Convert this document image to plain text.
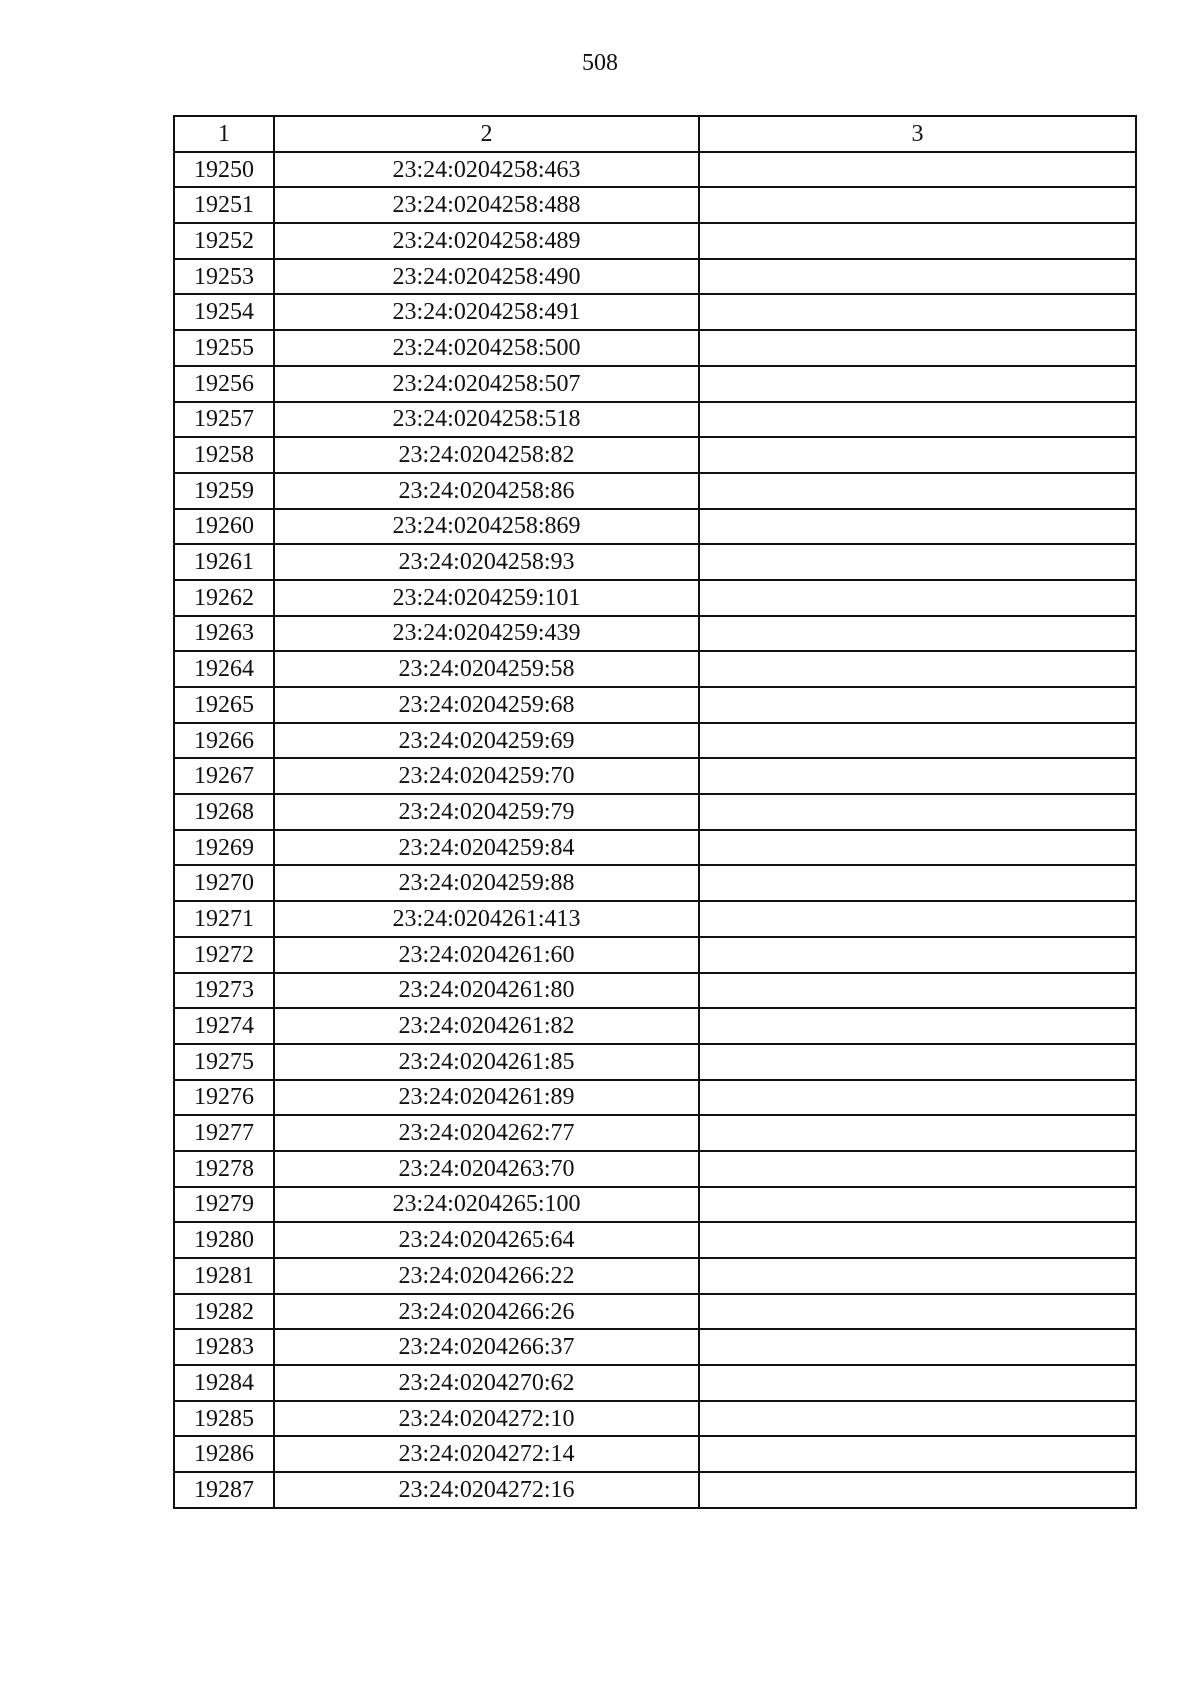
508
1	2	3
19250	23:24:0204258:463	
19251	23:24:0204258:488	
19252	23:24:0204258:489	
19253	23:24:0204258:490	
19254	23:24:0204258:491	
19255	23:24:0204258:500	
19256	23:24:0204258:507	
19257	23:24:0204258:518	
19258	23:24:0204258:82	
19259	23:24:0204258:86	
19260	23:24:0204258:869	
19261	23:24:0204258:93	
19262	23:24:0204259:101	
19263	23:24:0204259:439	
19264	23:24:0204259:58	
19265	23:24:0204259:68	
19266	23:24:0204259:69	
19267	23:24:0204259:70	
19268	23:24:0204259:79	
19269	23:24:0204259:84	
19270	23:24:0204259:88	
19271	23:24:0204261:413	
19272	23:24:0204261:60	
19273	23:24:0204261:80	
19274	23:24:0204261:82	
19275	23:24:0204261:85	
19276	23:24:0204261:89	
19277	23:24:0204262:77	
19278	23:24:0204263:70	
19279	23:24:0204265:100	
19280	23:24:0204265:64	
19281	23:24:0204266:22	
19282	23:24:0204266:26	
19283	23:24:0204266:37	
19284	23:24:0204270:62	
19285	23:24:0204272:10	
19286	23:24:0204272:14	
19287	23:24:0204272:16	
